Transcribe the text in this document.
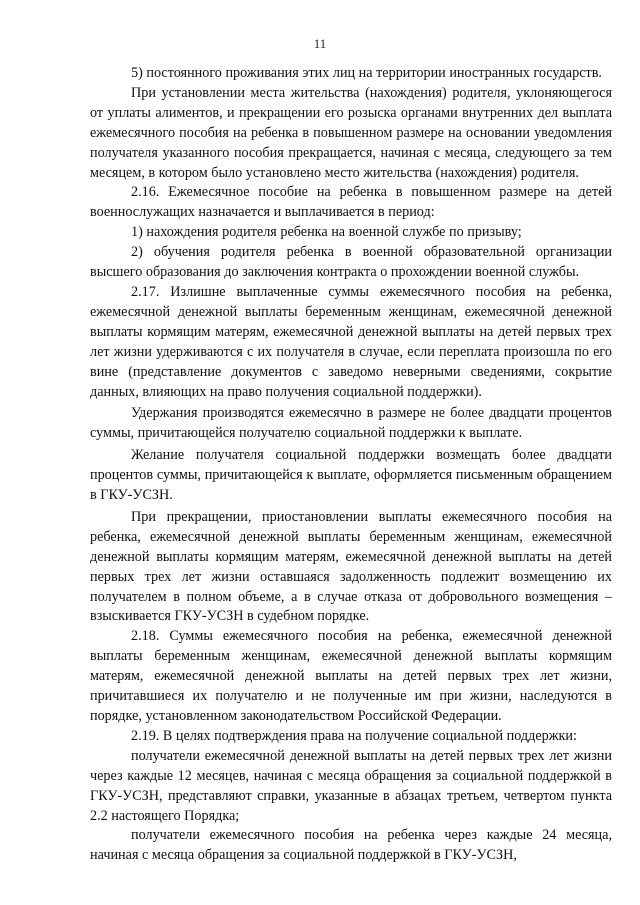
11

5) постоянного проживания этих лиц на территории иностранных государств.

При установлении места жительства (нахождения) родителя, уклоняющегося от уплаты алиментов, и прекращении его розыска органами внутренних дел выплата ежемесячного пособия на ребенка в повышенном размере на основании уведомления получателя указанного пособия прекращается, начиная с месяца, следующего за тем месяцем, в котором было установлено место жительства (нахождения) родителя.

2.16. Ежемесячное пособие на ребенка в повышенном размере на детей военнослужащих назначается и выплачивается в период:

1) нахождения родителя ребенка на военной службе по призыву;

2) обучения родителя ребенка в военной образовательной организации высшего образования до заключения контракта о прохождении военной службы.

2.17. Излишне выплаченные суммы ежемесячного пособия на ребенка, ежемесячной денежной выплаты беременным женщинам, ежемесячной денежной выплаты кормящим матерям, ежемесячной денежной выплаты на детей первых трех лет жизни удерживаются с их получателя в случае, если переплата произошла по его вине (представление документов с заведомо неверными сведениями, сокрытие данных, влияющих на право получения социальной поддержки).

Удержания производятся ежемесячно в размере не более двадцати процентов суммы, причитающейся получателю социальной поддержки к выплате.

Желание получателя социальной поддержки возмещать более двадцати процентов суммы, причитающейся к выплате, оформляется письменным обращением в ГКУ-УСЗН.

При прекращении, приостановлении выплаты ежемесячного пособия на ребенка, ежемесячной денежной выплаты беременным женщинам, ежемесячной денежной выплаты кормящим матерям, ежемесячной денежной выплаты на детей первых трех лет жизни оставшаяся задолженность подлежит возмещению их получателем в полном объеме, а в случае отказа от добровольного возмещения – взыскивается ГКУ-УСЗН в судебном порядке.

2.18. Суммы ежемесячного пособия на ребенка, ежемесячной денежной выплаты беременным женщинам, ежемесячной денежной выплаты кормящим матерям, ежемесячной денежной выплаты на детей первых трех лет жизни, причитавшиеся их получателю и не полученные им при жизни, наследуются в порядке, установленном законодательством Российской Федерации.

2.19. В целях подтверждения права на получение социальной поддержки:

получатели ежемесячной денежной выплаты на детей первых трех лет жизни через каждые 12 месяцев, начиная с месяца обращения за социальной поддержкой в ГКУ-УСЗН, представляют справки, указанные в абзацах третьем, четвертом пункта 2.2 настоящего Порядка;

получатели ежемесячного пособия на ребенка через каждые 24 месяца, начиная с месяца обращения за социальной поддержкой в ГКУ-УСЗН,
